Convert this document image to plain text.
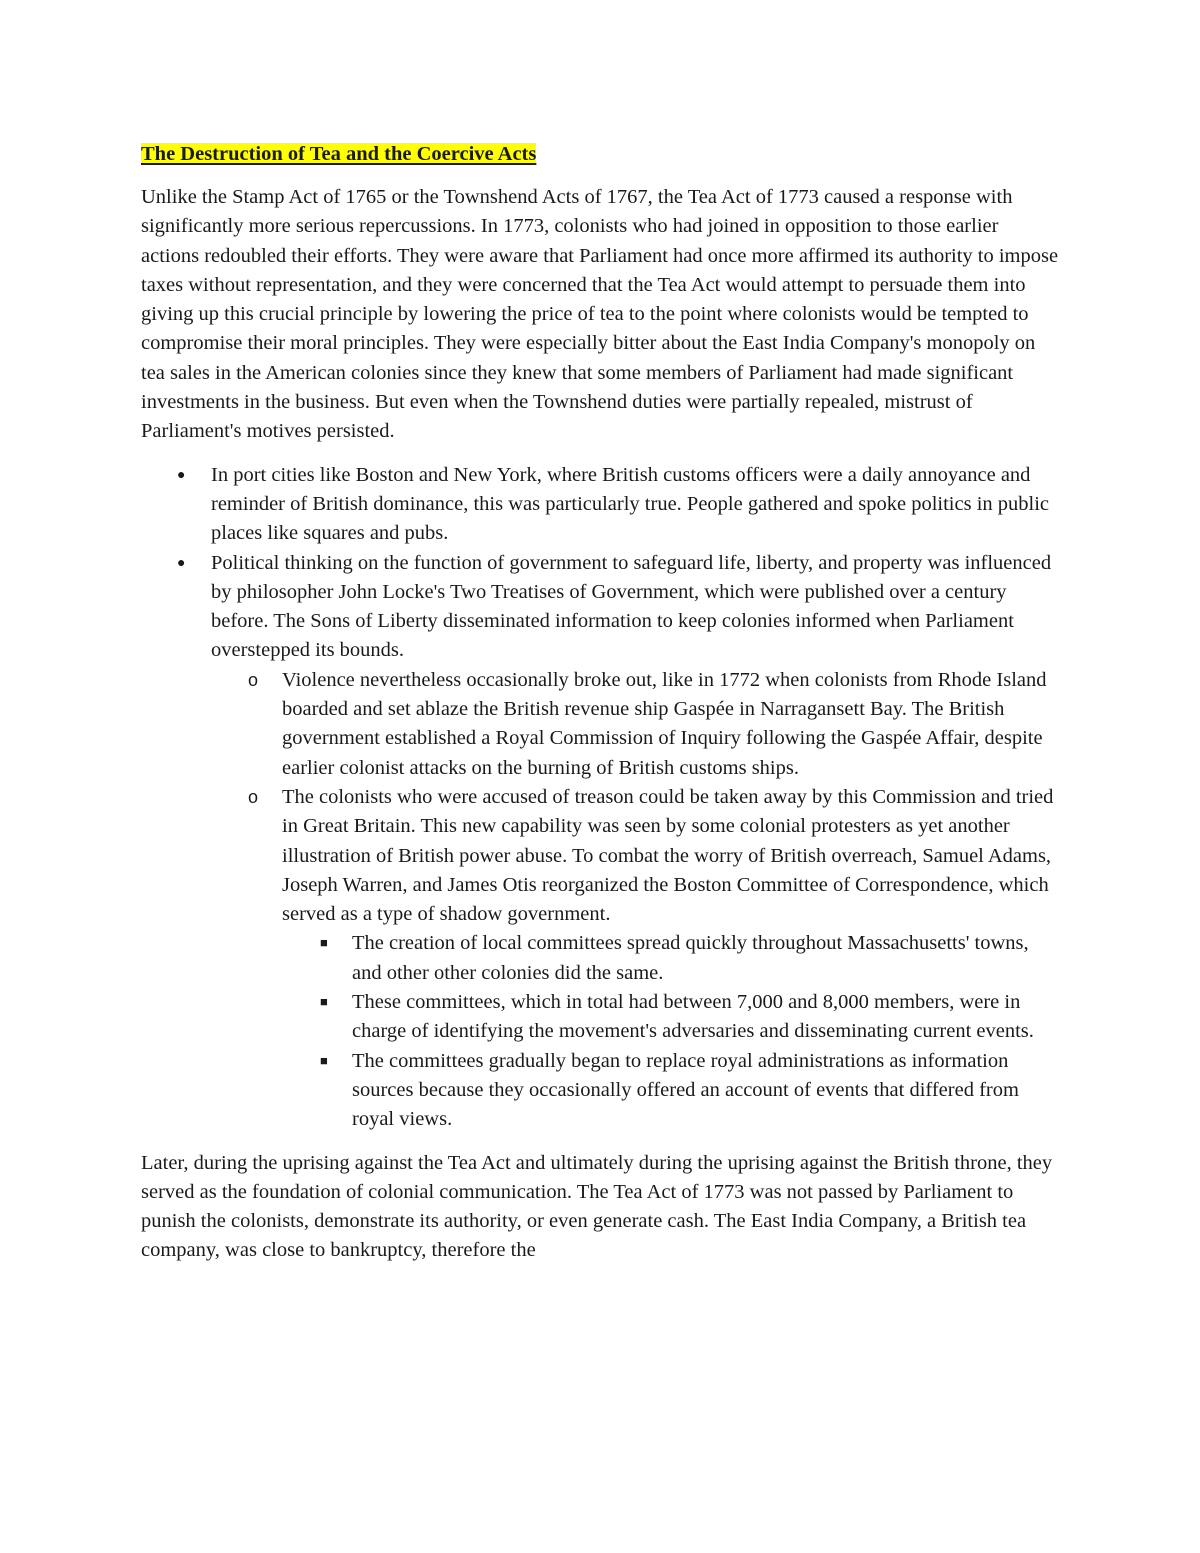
The Destruction of Tea and the Coercive Acts

Unlike the Stamp Act of 1765 or the Townshend Acts of 1767, the Tea Act of 1773 caused a response with significantly more serious repercussions. In 1773, colonists who had joined in opposition to those earlier actions redoubled their efforts. They were aware that Parliament had once more affirmed its authority to impose taxes without representation, and they were concerned that the Tea Act would attempt to persuade them into giving up this crucial principle by lowering the price of tea to the point where colonists would be tempted to compromise their moral principles. They were especially bitter about the East India Company's monopoly on tea sales in the American colonies since they knew that some members of Parliament had made significant investments in the business. But even when the Townshend duties were partially repealed, mistrust of Parliament's motives persisted.

● In port cities like Boston and New York, where British customs officers were a daily annoyance and reminder of British dominance, this was particularly true. People gathered and spoke politics in public places like squares and pubs.
● Political thinking on the function of government to safeguard life, liberty, and property was influenced by philosopher John Locke's Two Treatises of Government, which were published over a century before. The Sons of Liberty disseminated information to keep colonies informed when Parliament overstepped its bounds.
o Violence nevertheless occasionally broke out, like in 1772 when colonists from Rhode Island boarded and set ablaze the British revenue ship Gaspée in Narragansett Bay. The British government established a Royal Commission of Inquiry following the Gaspée Affair, despite earlier colonist attacks on the burning of British customs ships.
o The colonists who were accused of treason could be taken away by this Commission and tried in Great Britain. This new capability was seen by some colonial protesters as yet another illustration of British power abuse. To combat the worry of British overreach, Samuel Adams, Joseph Warren, and James Otis reorganized the Boston Committee of Correspondence, which served as a type of shadow government.
■ The creation of local committees spread quickly throughout Massachusetts' towns, and other other colonies did the same.
■ These committees, which in total had between 7,000 and 8,000 members, were in charge of identifying the movement's adversaries and disseminating current events.
■ The committees gradually began to replace royal administrations as information sources because they occasionally offered an account of events that differed from royal views.

Later, during the uprising against the Tea Act and ultimately during the uprising against the British throne, they served as the foundation of colonial communication. The Tea Act of 1773 was not passed by Parliament to punish the colonists, demonstrate its authority, or even generate cash. The East India Company, a British tea company, was close to bankruptcy, therefore the
